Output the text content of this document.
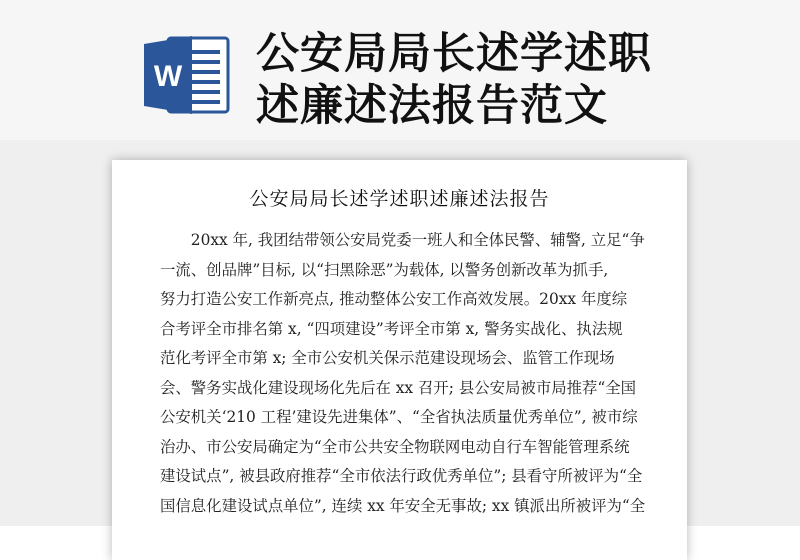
W 公安局局长述学述职
述廉述法报告范文
公安局局长述学述职述廉述法报告
　　20xx 年, 我团结带领公安局党委一班人和全体民警、辅警, 立足“争
一流、创品牌”目标, 以“扫黑除恶”为载体, 以警务创新改革为抓手,
努力打造公安工作新亮点, 推动整体公安工作高效发展。20xx 年度综
合考评全市排名第 x, “四项建设”考评全市第 x, 警务实战化、执法规
范化考评全市第 x; 全市公安机关保示范建设现场会、监管工作现场
会、警务实战化建设现场化先后在 xx 召开; 县公安局被市局推荐“全国
公安机关‘210 工程’建设先进集体”、“全省执法质量优秀单位”, 被市综
治办、市公安局确定为“全市公共安全物联网电动自行车智能管理系统
建设试点”, 被县政府推荐“全市依法行政优秀单位”; 县看守所被评为“全
国信息化建设试点单位”, 连续 xx 年安全无事故; xx 镇派出所被评为“全
